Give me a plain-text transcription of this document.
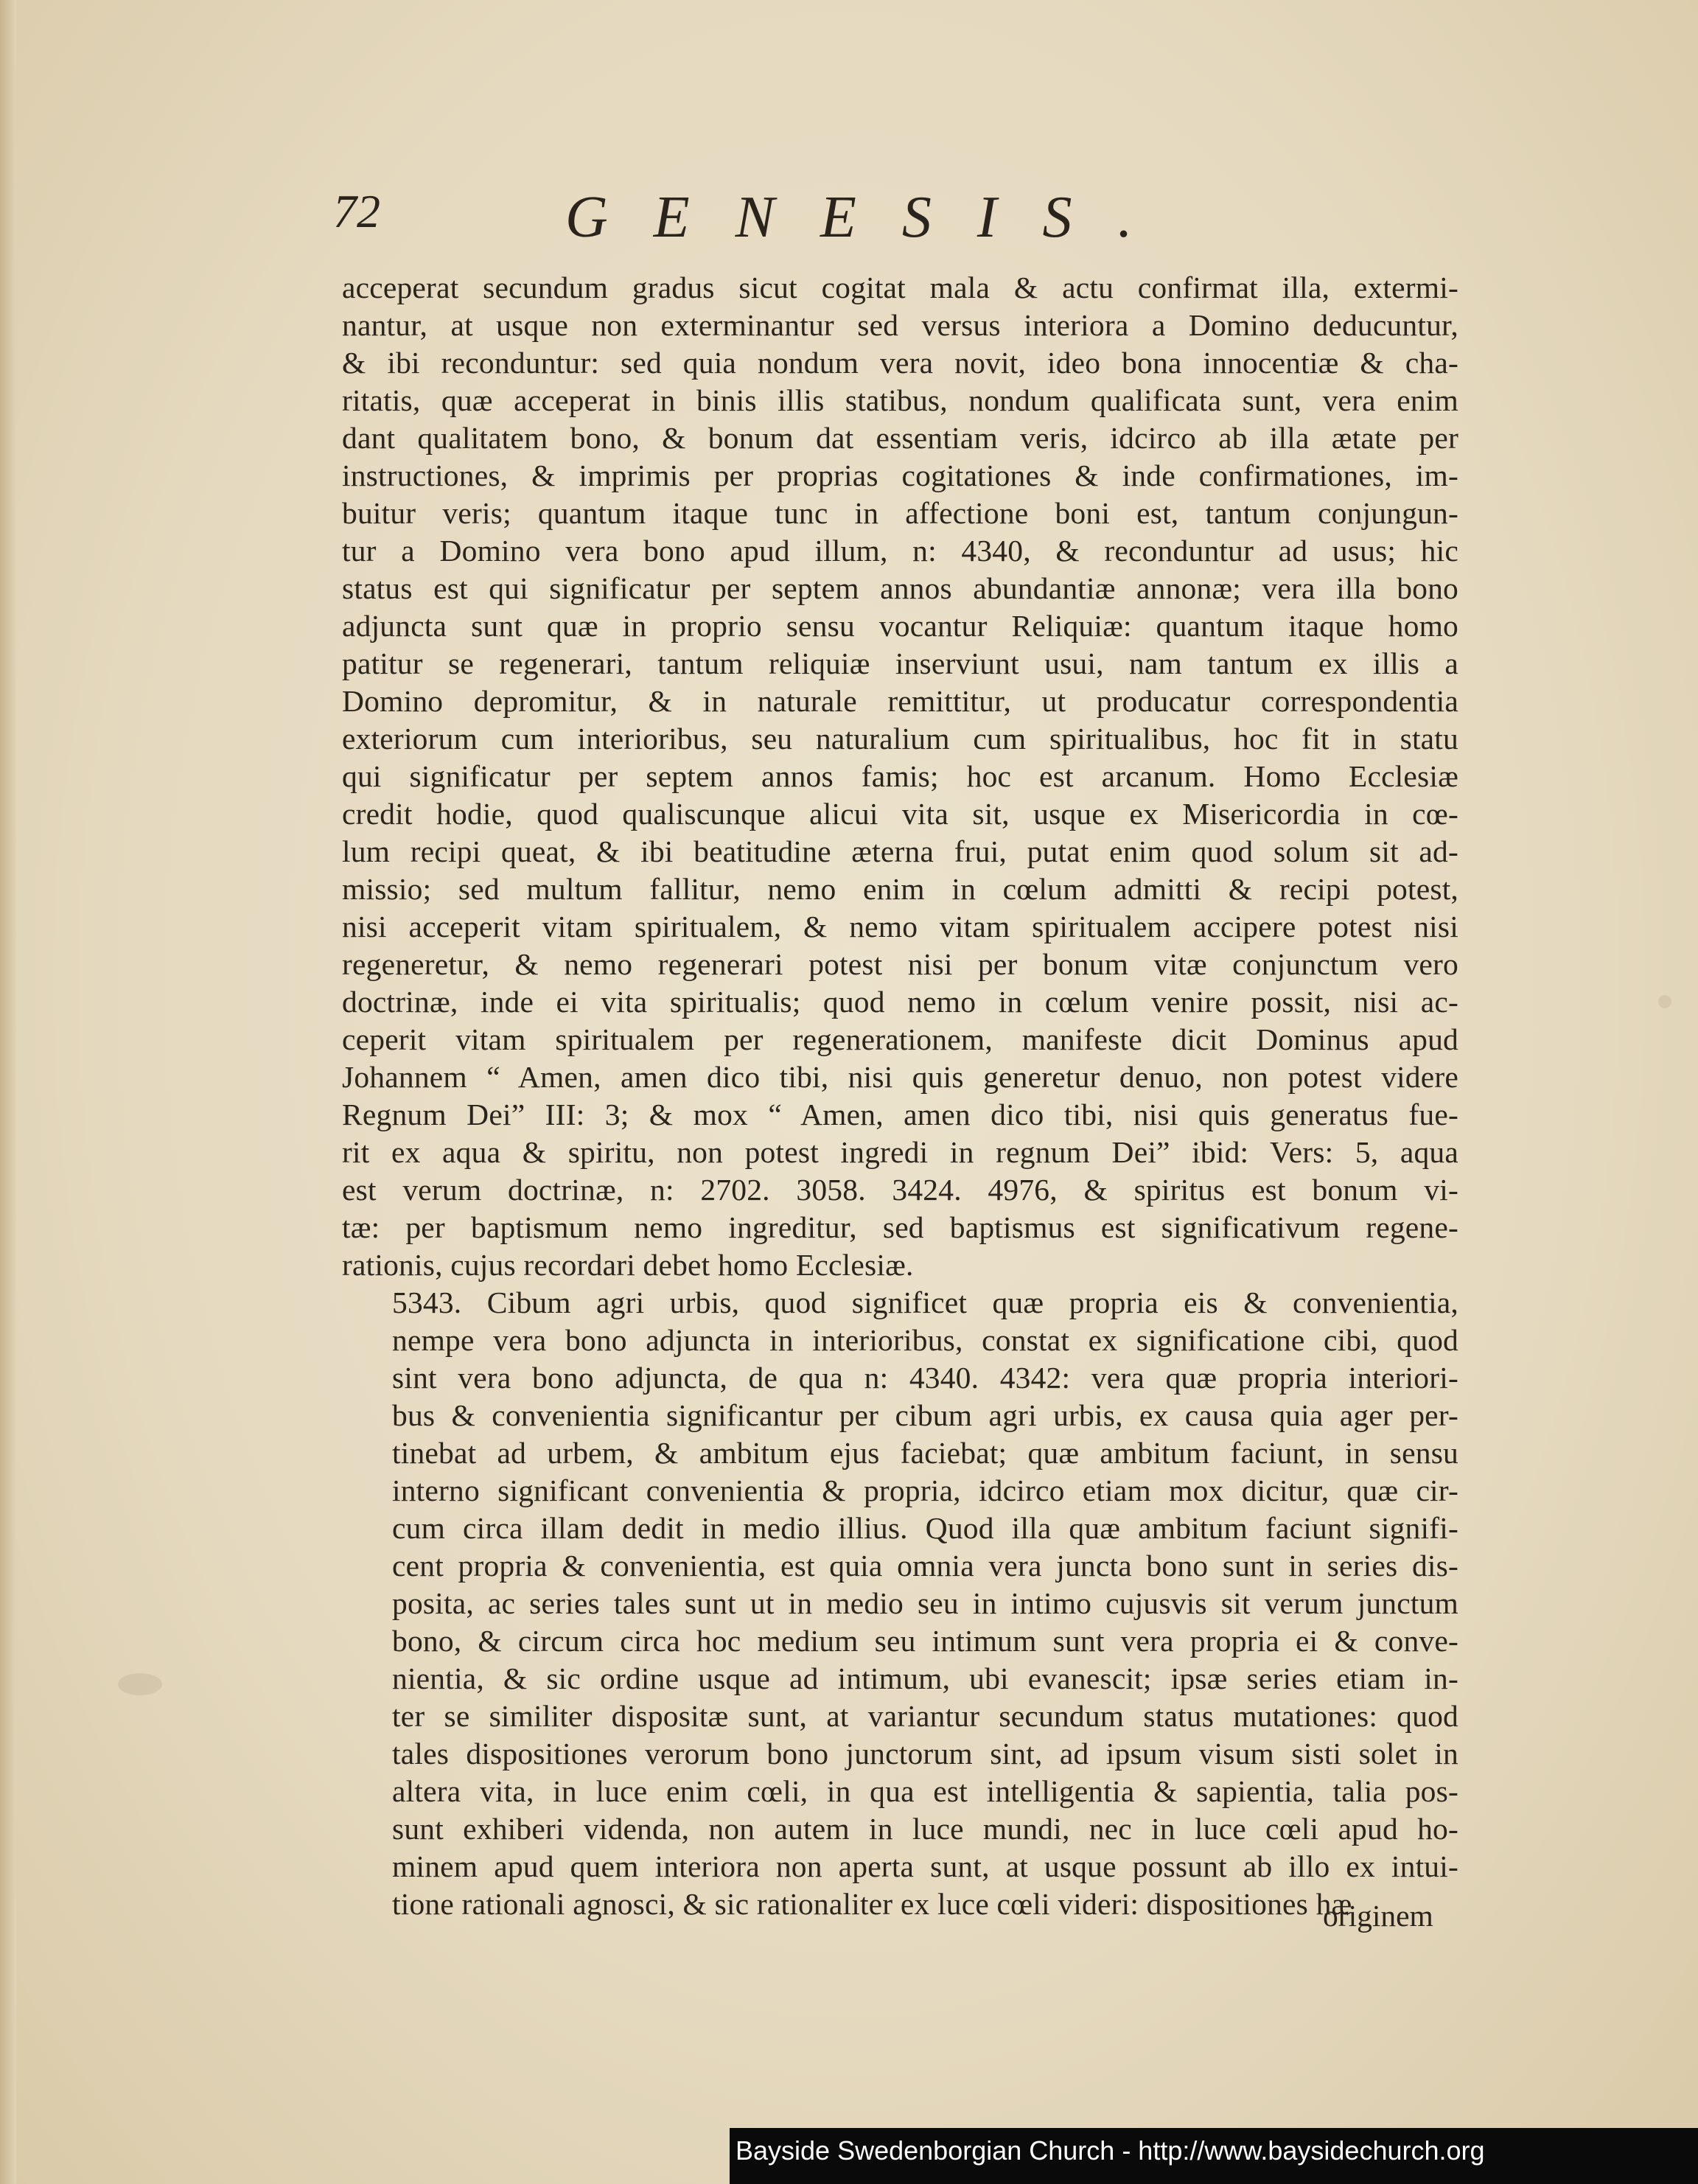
72	GENESIS.

acceperat secundum gradus sicut cogitat mala & actu confirmat illa, extermi-
nantur, at usque non exterminantur sed versus interiora a Domino deducuntur,
& ibi reconduntur: sed quia nondum vera novit, ideo bona innocentiæ & cha-
ritatis, quæ acceperat in binis illis statibus, nondum qualificata sunt, vera enim
dant qualitatem bono, & bonum dat essentiam veris, idcirco ab illa ætate per
instructiones, & imprimis per proprias cogitationes & inde confirmationes, im-
buitur veris; quantum itaque tunc in affectione boni est, tantum conjungun-
tur a Domino vera bono apud illum, n: 4340, & reconduntur ad usus; hic
status est qui significatur per septem annos abundantiæ annonæ; vera illa bono
adjuncta sunt quæ in proprio sensu vocantur Reliquiæ: quantum itaque homo
patitur se regenerari, tantum reliquiæ inserviunt usui, nam tantum ex illis a
Domino depromitur, & in naturale remittitur, ut producatur correspondentia
exteriorum cum interioribus, seu naturalium cum spiritualibus, hoc fit in statu
qui significatur per septem annos famis; hoc est arcanum. Homo Ecclesiæ
credit hodie, quod qualiscunque alicui vita sit, usque ex Misericordia in cœ-
lum recipi queat, & ibi beatitudine æterna frui, putat enim quod solum sit ad-
missio; sed multum fallitur, nemo enim in cœlum admitti & recipi potest,
nisi acceperit vitam spiritualem, & nemo vitam spiritualem accipere potest nisi
regeneretur, & nemo regenerari potest nisi per bonum vitæ conjunctum vero
doctrinæ, inde ei vita spiritualis; quod nemo in cœlum venire possit, nisi ac-
ceperit vitam spiritualem per regenerationem, manifeste dicit Dominus apud
Johannem “ Amen, amen dico tibi, nisi quis generetur denuo, non potest videre
Regnum Dei” III: 3; & mox “ Amen, amen dico tibi, nisi quis generatus fue-
rit ex aqua & spiritu, non potest ingredi in regnum Dei” ibid: Vers: 5, aqua
est verum doctrinæ, n: 2702. 3058. 3424. 4976, & spiritus est bonum vi-
tæ: per baptismum nemo ingreditur, sed baptismus est significativum regene-
rationis, cujus recordari debet homo Ecclesiæ.

5343. Cibum agri urbis, quod significet quæ propria eis & convenientia,
nempe vera bono adjuncta in interioribus, constat ex significatione cibi, quod
sint vera bono adjuncta, de qua n: 4340. 4342: vera quæ propria interiori-
bus & convenientia significantur per cibum agri urbis, ex causa quia ager per-
tinebat ad urbem, & ambitum ejus faciebat; quæ ambitum faciunt, in sensu
interno significant convenientia & propria, idcirco etiam mox dicitur, quæ cir-
cum circa illam dedit in medio illius. Quod illa quæ ambitum faciunt signifi-
cent propria & convenientia, est quia omnia vera juncta bono sunt in series dis-
posita, ac series tales sunt ut in medio seu in intimo cujusvis sit verum junctum
bono, & circum circa hoc medium seu intimum sunt vera propria ei & conve-
nientia, & sic ordine usque ad intimum, ubi evanescit; ipsæ series etiam in-
ter se similiter dispositæ sunt, at variantur secundum status mutationes: quod
tales dispositiones verorum bono junctorum sint, ad ipsum visum sisti solet in
altera vita, in luce enim cœli, in qua est intelligentia & sapientia, talia pos-
sunt exhiberi videnda, non autem in luce mundi, nec in luce cœli apud ho-
minem apud quem interiora non aperta sunt, at usque possunt ab illo ex intui-
tione rationali agnosci, & sic rationaliter ex luce cœli videri: dispositiones hæ

originem
Bayside Swedenborgian Church - http://www.baysidechurch.org
